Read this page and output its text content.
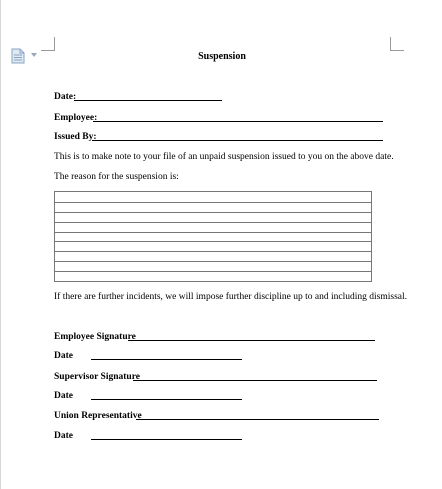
Suspension
Date:
Employee:
Issued By:
This is to make note to your file of an unpaid suspension issued to you on the above date.
The reason for the suspension is:
If there are further incidents, we will impose further discipline up to and including dismissal.
Employee Signature
Date
Supervisor Signature
Date
Union Representative
Date
